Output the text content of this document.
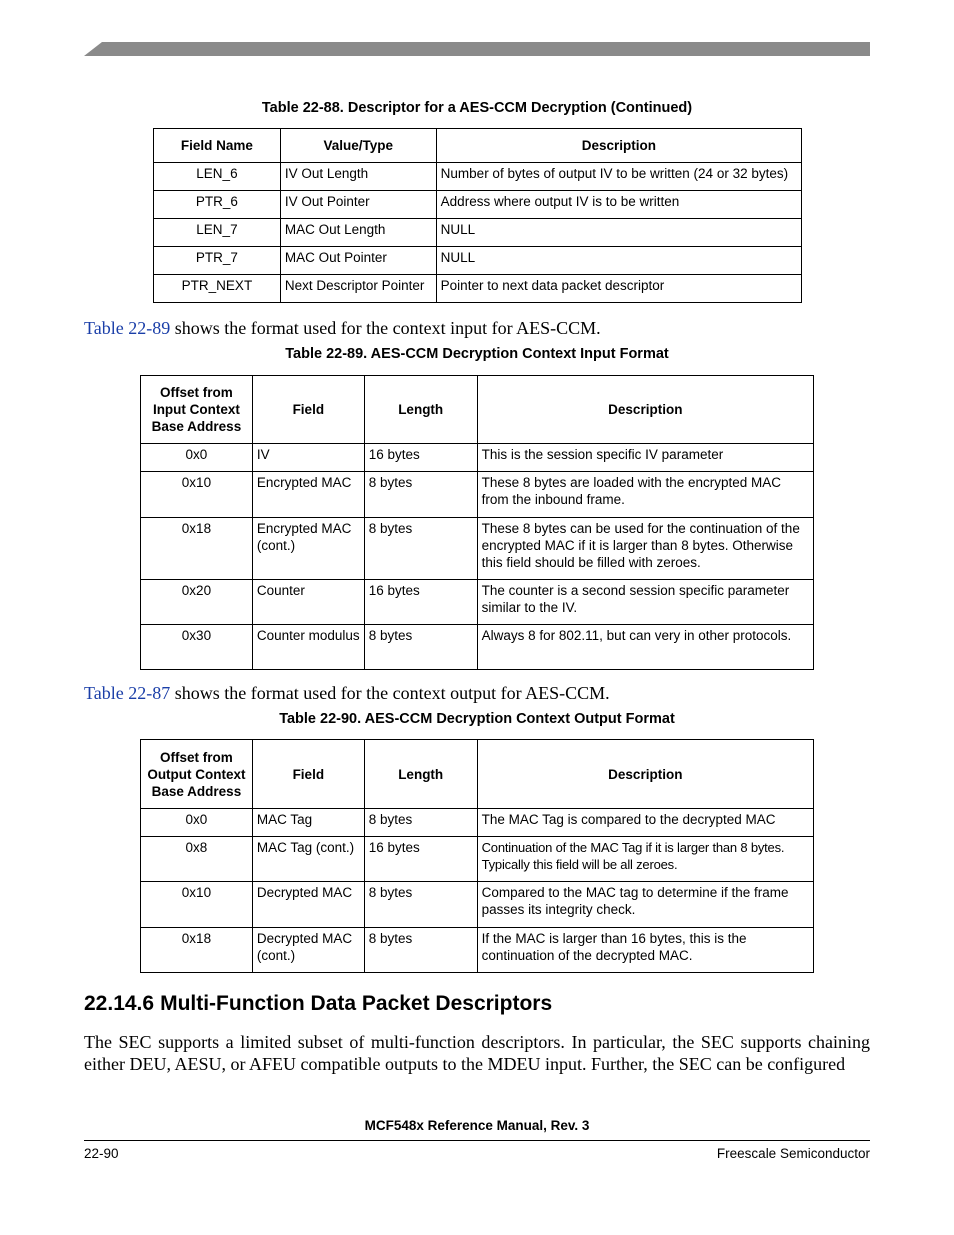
Table 22-88. Descriptor for a AES-CCM Decryption (Continued)
Field Name	Value/Type	Description
LEN_6	IV Out Length	Number of bytes of output IV to be written (24 or 32 bytes)
PTR_6	IV Out Pointer	Address where output IV is to be written
LEN_7	MAC Out Length	NULL
PTR_7	MAC Out Pointer	NULL
PTR_NEXT	Next Descriptor Pointer	Pointer to next data packet descriptor
Table 22-89 shows the format used for the context input for AES-CCM.
Table 22-89. AES-CCM Decryption Context Input Format
Offset from Input Context Base Address	Field	Length	Description
0x0	IV	16 bytes	This is the session specific IV parameter
0x10	Encrypted MAC	8 bytes	These 8 bytes are loaded with the encrypted MAC from the inbound frame.
0x18	Encrypted MAC (cont.)	8 bytes	These 8 bytes can be used for the continuation of the encrypted MAC if it is larger than 8 bytes. Otherwise this field should be filled with zeroes.
0x20	Counter	16 bytes	The counter is a second session specific parameter similar to the IV.
0x30	Counter modulus	8 bytes	Always 8 for 802.11, but can very in other protocols.
Table 22-87 shows the format used for the context output for AES-CCM.
Table 22-90. AES-CCM Decryption Context Output Format
Offset from Output Context Base Address	Field	Length	Description
0x0	MAC Tag	8 bytes	The MAC Tag is compared to the decrypted MAC
0x8	MAC Tag (cont.)	16 bytes	Continuation of the MAC Tag if it is larger than 8 bytes. Typically this field will be all zeroes.
0x10	Decrypted MAC	8 bytes	Compared to the MAC tag to determine if the frame passes its integrity check.
0x18	Decrypted MAC (cont.)	8 bytes	If the MAC is larger than 16 bytes, this is the continuation of the decrypted MAC.
22.14.6 Multi-Function Data Packet Descriptors
The SEC supports a limited subset of multi-function descriptors. In particular, the SEC supports chaining either DEU, AESU, or AFEU compatible outputs to the MDEU input. Further, the SEC can be configured
MCF548x Reference Manual, Rev. 3
22-90	Freescale Semiconductor
